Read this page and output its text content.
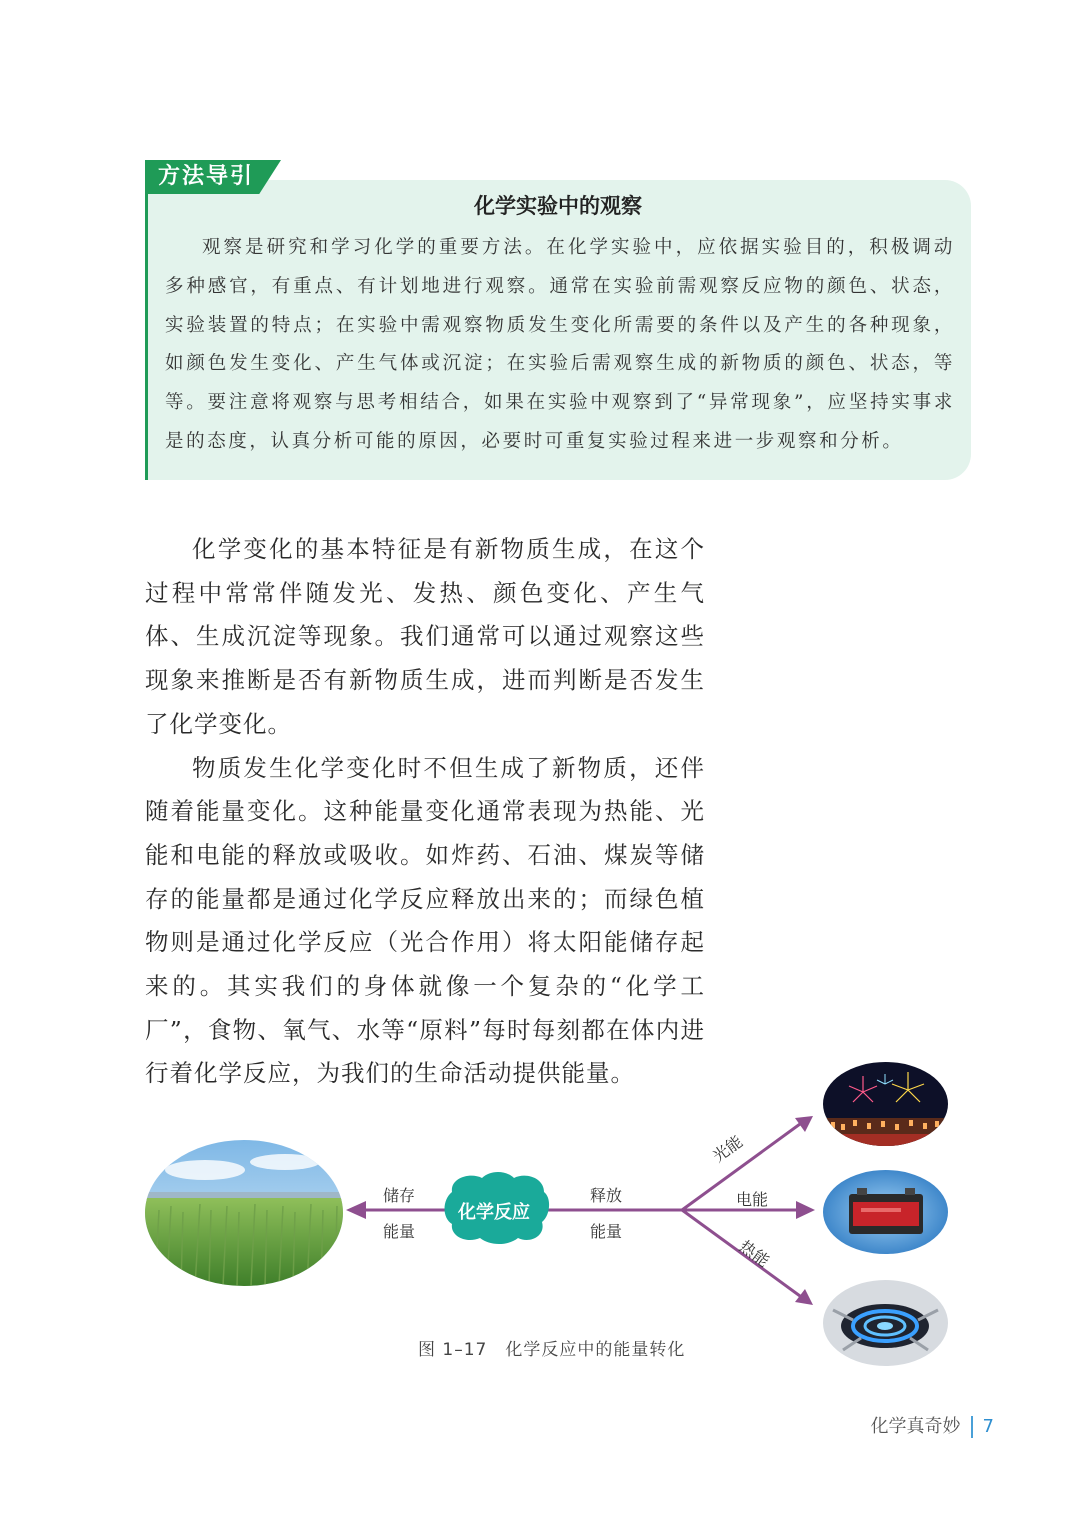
方法导引
化学实验中的观察
观察是研究和学习化学的重要方法。在化学实验中，应依据实验目的，积极调动多种感官，有重点、有计划地进行观察。通常在实验前需观察反应物的颜色、状态，实验装置的特点；在实验中需观察物质发生变化所需要的条件以及产生的各种现象，如颜色发生变化、产生气体或沉淀；在实验后需观察生成的新物质的颜色、状态，等等。要注意将观察与思考相结合，如果在实验中观察到了“异常现象”，应坚持实事求是的态度，认真分析可能的原因，必要时可重复实验过程来进一步观察和分析。

化学变化的基本特征是有新物质生成，在这个过程中常常伴随发光、发热、颜色变化、产生气体、生成沉淀等现象。我们通常可以通过观察这些现象来推断是否有新物质生成，进而判断是否发生了化学变化。

物质发生化学变化时不但生成了新物质，还伴随着能量变化。这种能量变化通常表现为热能、光能和电能的释放或吸收。如炸药、石油、煤炭等储存的能量都是通过化学反应释放出来的；而绿色植物则是通过化学反应（光合作用）将太阳能储存起来的。其实我们的身体就像一个复杂的“化学工厂”，食物、氧气、水等“原料”每时每刻都在体内进行着化学反应，为我们的生命活动提供能量。

化学反应
储存
能量
释放
能量
光能
电能
热能
图 1–17 化学反应中的能量转化
化学真奇妙 7
